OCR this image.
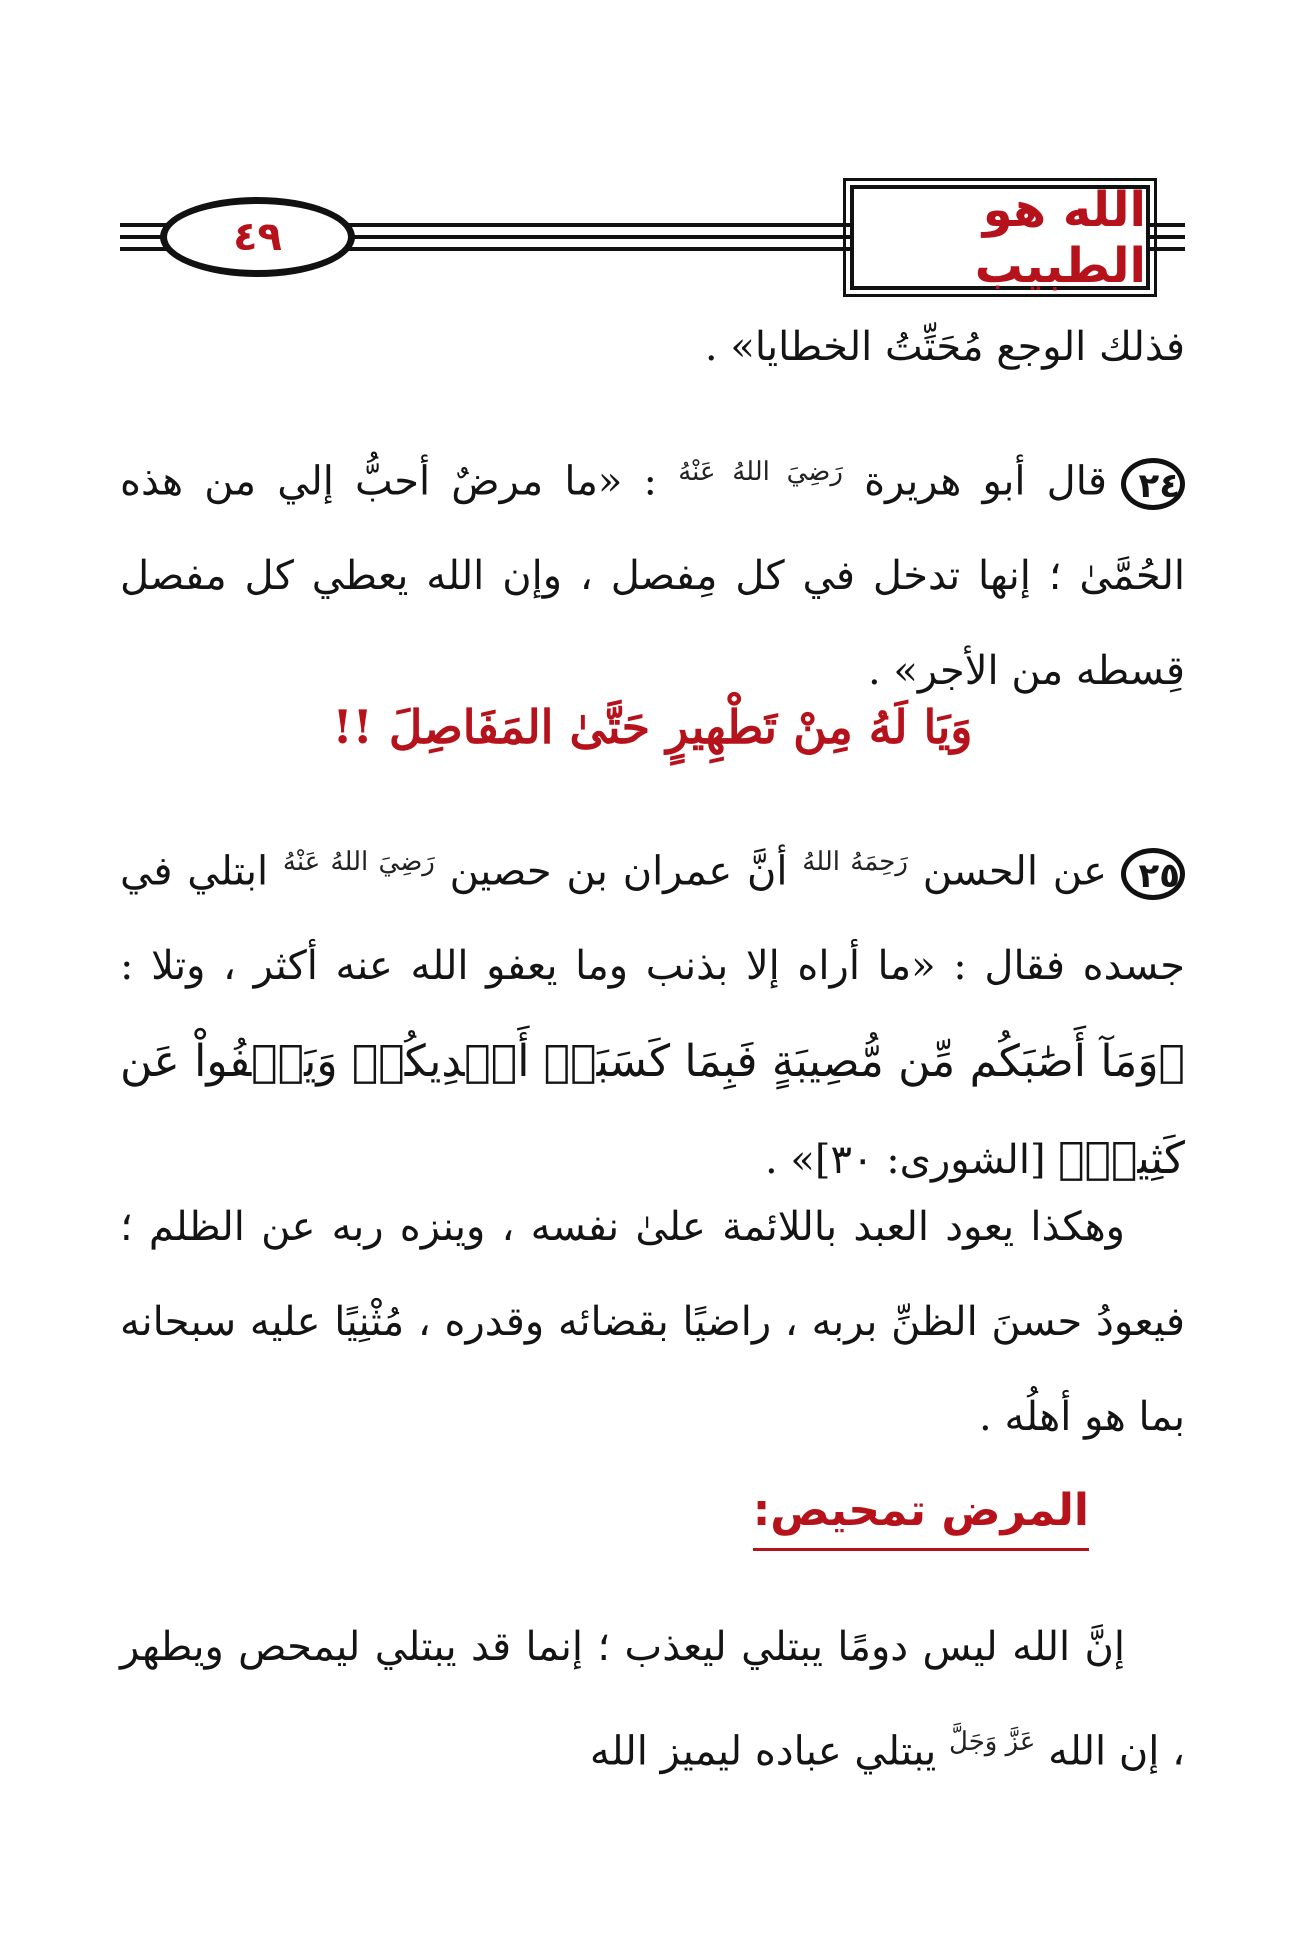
٤٩	الله هو الطبيب

فذلك الوجع مُحَتِّتُ الخطايا» .

٢٤قال أبو هريرة $^{رَضِيَ اللهُ عَنْهُ}$ : «ما مرضٌ أحبُّ إلي من هذه الحُمَّىٰ ؛ إنها تدخل في كل مِفصل ، وإن الله يعطي كل مفصل قِسطه من الأجر» .

وَيَا لَهُ مِنْ تَطْهِيرٍ حَتَّىٰ المَفَاصِلَ !!

٢٥عن الحسن $^{رَحِمَهُ اللهُ}$ أنَّ عمران بن حصين $^{رَضِيَ اللهُ عَنْهُ}$ ابتلي في جسده فقال : «ما أراه إلا بذنب وما يعفو الله عنه أكثر ، وتلا : ﴿وَمَآ أَصَٰبَكُم مِّن مُّصِيبَةٍ فَبِمَا كَسَبَتۡ أَيۡدِيكُمۡ وَيَعۡفُواْ عَن كَثِيرٖ﴾ [الشورى: ٣٠]» .

وهكذا يعود العبد باللائمة علىٰ نفسه ، وينزه ربه عن الظلم ؛ فيعودُ حسنَ الظنِّ بربه ، راضيًا بقضائه وقدره ، مُثْنِيًا عليه سبحانه بما هو أهلُه .

المرض تمحيص:

إنَّ الله ليس دومًا يبتلي ليعذب ؛ إنما قد يبتلي ليمحص ويطهر ، إن الله $^{عَزَّ وَجَلَّ}$ يبتلي عباده ليميز الله
